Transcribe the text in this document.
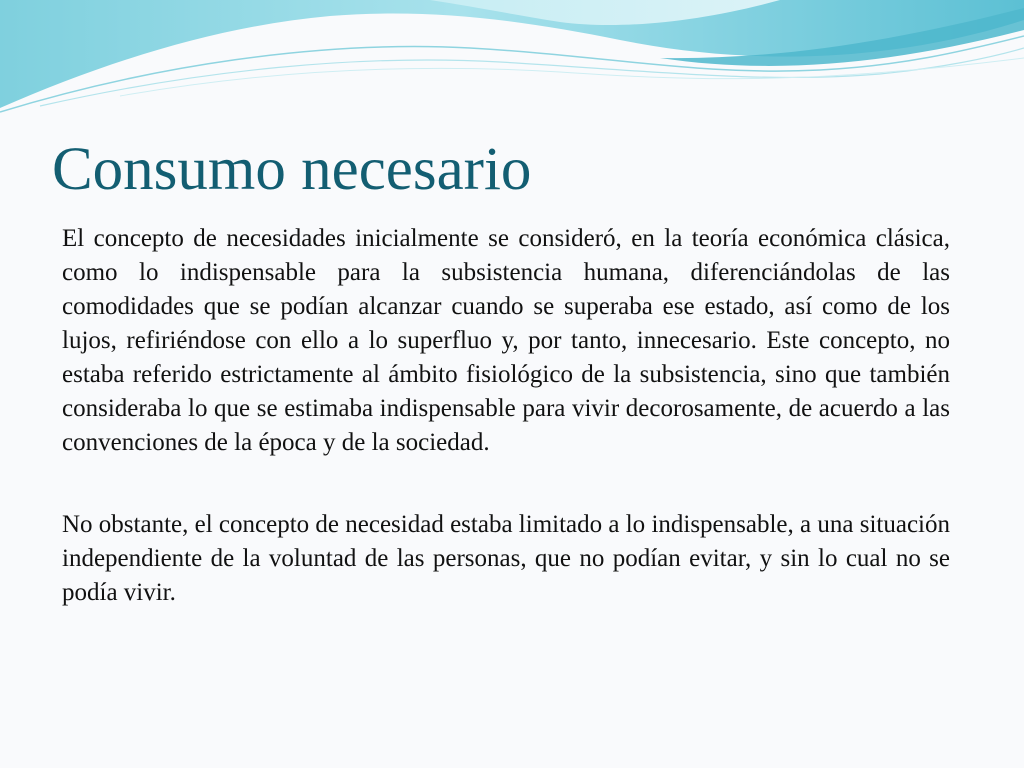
Consumo necesario

El concepto de necesidades inicialmente se consideró, en la teoría económica clásica, como lo indispensable para la subsistencia humana, diferenciándolas de las comodidades que se podían alcanzar cuando se superaba ese estado, así como de los lujos, refiriéndose con ello a lo superfluo y, por tanto, innecesario. Este concepto, no estaba referido estrictamente al ámbito fisiológico de la subsistencia, sino que también consideraba lo que se estimaba indispensable para vivir decorosamente, de acuerdo a las convenciones de la época y de la sociedad.

No obstante, el concepto de necesidad estaba limitado a lo indispensable, a una situación independiente de la voluntad de las personas, que no podían evitar, y sin lo cual no se podía vivir.
